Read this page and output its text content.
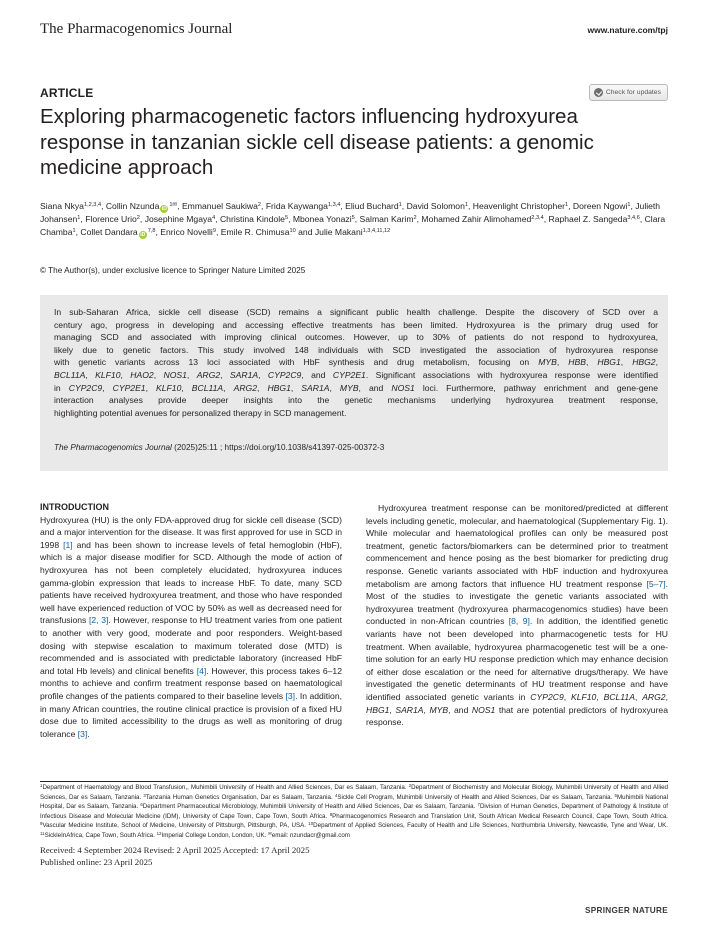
The Pharmacogenomics Journal	www.nature.com/tpj
ARTICLE	Check for updates
Exploring pharmacogenetic factors influencing hydroxyurea
response in tanzanian sickle cell disease patients: a genomic
medicine approach
Siana Nkya$^{1,2,3,4}$, Collin Nzunda $iD^{1✉}$, Emmanuel Saukiwa$^2$, Frida Kaywanga$^{1,3,4}$, Eliud Buchard$^1$, David Solomon$^1$, Heavenlight Christopher$^1$, Doreen Ngowi$^1$, Julieth Johansen$^1$, Florence Urio$^2$, Josephine Mgaya$^4$, Christina Kindole$^5$, Mbonea Yonazi$^5$, Salman Karim$^2$, Mohamed Zahir Alimohamed$^{2,3,4}$, Raphael Z. Sangeda$^{3,4,6}$, Clara Chamba$^1$, Collet Dandara iD$^{7,8}$, Enrico Novelli$^9$, Emile R. Chimusa$^{10}$ and Julie Makani$^{1,3,4,11,12}$
© The Author(s), under exclusive licence to Springer Nature Limited 2025
In sub-Saharan Africa, sickle cell disease (SCD) remains a significant public health challenge. Despite the discovery of SCD over a
century ago, progress in developing and accessing effective treatments has been limited. Hydroxyurea is the primary drug used for
managing SCD and associated with improving clinical outcomes. However, up to 30% of patients do not respond to hydroxyurea,
likely due to genetic factors. This study involved 148 individuals with SCD investigated the association of hydroxyurea response
with genetic variants across 13 loci associated with HbF synthesis and drug metabolism, focusing on MYB, HBB, HBG1, HBG2,
BCL11A, KLF10, HAO2, NOS1, ARG2, SAR1A, CYP2C9, and CYP2E1. Significant associations with hydroxyurea response were identified
in CYP2C9, CYP2E1, KLF10, BCL11A, ARG2, HBG1, SAR1A, MYB, and NOS1 loci. Furthermore, pathway enrichment and gene-gene
interaction analyses provide deeper insights into the genetic mechanisms underlying hydroxyurea treatment response,
highlighting potential avenues for personalized therapy in SCD management.
The Pharmacogenomics Journal (2025)25:11 ; https://doi.org/10.1038/s41397-025-00372-3
INTRODUCTION

Hydroxyurea (HU) is the only FDA-approved drug for sickle cell disease (SCD) and a major intervention for the disease. It was first approved for use in SCD in 1998 [1] and has been shown to increase levels of fetal hemoglobin (HbF), which is a major disease modifier for SCD. Although the mode of action of hydroxyurea has not been completely elucidated, hydroxyurea induces gamma-globin expression that leads to increase HbF. To date, many SCD patients have received hydroxyurea treatment, and those who have responded well have experienced reduction of VOC by 50% as well as decreased need for transfusions [2, 3]. However, response to HU treatment varies from one patient to another with very good, moderate and poor responders. Weight-based dosing with stepwise escalation to maximum tolerated dose (MTD) is recommended and is associated with predictable laboratory (increased HbF and total Hb levels) and clinical benefits [4]. However, this process takes 6–12 months to achieve and confirm treatment response based on haematological profile changes of the patients compared to their baseline levels [3]. In addition, in many African countries, the routine clinical practice is provision of a fixed HU dose due to limited accessibility to the drugs as well as monitoring of drug tolerance [3].

Hydroxyurea treatment response can be monitored/predicted at different levels including genetic, molecular, and haematological (Supplementary Fig. 1). While molecular and haematological profiles can only be measured post treatment, genetic factors/biomarkers can be determined prior to treatment commencement and hence posing as the best biomarker for predicting drug response. Genetic variants associated with HbF induction and hydroxyurea metabolism are among factors that influence HU treatment response [5–7]. Most of the studies to investigate the genetic variants associated with hydroxyurea treatment (hydroxyurea pharmacogenomics studies) have been conducted in non-African countries [8, 9]. In addition, the identified genetic variants have not been developed into pharmacogenetic tests for HU treatment. When available, hydroxyurea pharmacogenetic test will be a one-time solution for an early HU response prediction which may enhance decision of either dose escalation or the need for alternative drugs/therapy. We have investigated the genetic determinants of HU treatment response and have identified associated genetic variants in CYP2C9, KLF10, BCL11A, ARG2, HBG1, SAR1A, MYB, and NOS1 that are potential predictors of hydroxyurea response.

$^1$Department of Haematology and Blood Transfusion,, Muhimbili University of Health and Allied Sciences, Dar es Salaam, Tanzania. $^2$Department of Biochemistry and Molecular Biology, Muhimbili University of Health and Allied Sciences, Dar es Salaam, Tanzania. $^3$Tanzania Human Genetics Organisation, Dar es Salaam, Tanzania. $^4$Sickle Cell Program, Muhimbili University of Health and Allied Sciences, Dar es Salaam, Tanzania. $^5$Muhimbili National Hospital, Dar es Salaam, Tanzania. $^6$Department Pharmaceutical Microbiology, Muhimbili University of Health and Allied Sciences, Dar es Salaam, Tanzania. $^7$Division of Human Genetics, Department of Pathology & Institute of Infectious Disease and Molecular Medicine (IDM), University of Cape Town, Cape Town, South Africa. $^8$Pharmacogenomics Research and Translation Unit, South African Medical Research Council, Cape Town, South Africa. $^9$Vascular Medicine Institute, School of Medicine, University of Pittsburgh, Pittsburgh, PA, USA. $^{10}$Department of Applied Sciences, Faculty of Health and Life Sciences, Northumbria University, Newcastle, Tyne and Wear, UK. $^{11}$SickleInAfrica, Cape Town, South Africa. $^{12}$Imperial College London, London, UK. ✉email: nzundacr@gmail.com
Received: 4 September 2024 Revised: 2 April 2025 Accepted: 17 April 2025
Published online: 23 April 2025
SPRINGER NATURE
